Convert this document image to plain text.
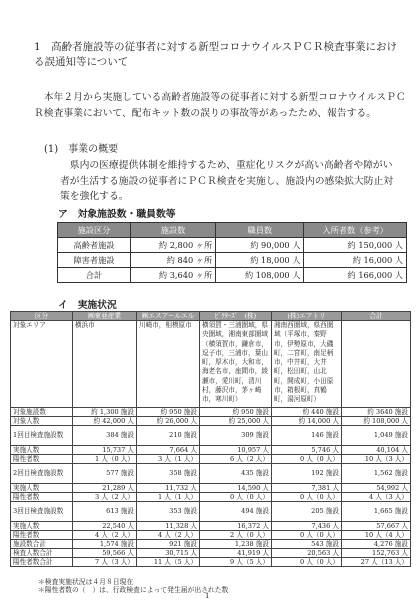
1　高齢者施設等の従事者に対する新型コロナウイルスＰＣＲ検査事業における誤通知等について
本年２月から実施している高齢者施設等の従事者に対する新型コロナウイルスＰＣＲ検査事業において、配布キット数の誤りの事故等があったため、報告する。
(1)　事業の概要
県内の医療提供体制を維持するため、重症化リスクが高い高齢者や障がい者が生活する施設の従事者にＰＣＲ検査を実施し、施設内の感染拡大防止対策を強化する。
ア　対象施設数・職員数等
施設区分	施設数	職員数	入所者数（参考）
高齢者施設	約 2,800 ヶ所	約 90,000 人	約 150,000 人
障害者施設	約 840 ヶ所	約 18,000 人	約 16,000 人
合計	約 3,640 ヶ所	約 108,000 人	約 166,000 人
イ　実施状況
区分	㈱東亜産業	㈱エスアールエル	ﾋﾞｸﾀｰｽﾞ　(株)	(株)エアトリ	合計
対象エリア	横浜市	川崎市，相模原市	横須賀・三浦圏域，県央圏域，湘南東部圏域（横須賀市，鎌倉市，逗子市，三浦市，葉山町，厚木市，大和市，海老名市，座間市，綾瀬市，愛川町，清川村，藤沢市，茅ヶ崎市，寒川町）	湘南西圏域，県西圏域（平塚市，秦野市，伊勢原市，大磯町，二宮町，南足柄市，中井町，大井町，松田町，山北町，開成町，小田原市，箱根町，真鶴町，湯河原町）	
対象施設数	約 1,300 施設	約 950 施設	約 950 施設	約 440 施設	約 3640 施設
対象人数	約 42,000 人	約 26,000 人	約 25,000 人	約 14,000 人	約 108,000 人
1回目検査施設数	384 施設	210 施設	309 施設	146 施設	1,049 施設
実施人数	15,737 人	7,664 人	10,957 人	5,746 人	40,104 人
陽性者数	1 人（0 人）	3 人（1 人）	6 人（2 人）	0 人（0 人）	10 人（3 人）
2回目検査施設数	577 施設	358 施設	435 施設	192 施設	1,562 施設
実施人数	21,289 人	11,732 人	14,590 人	7,381 人	54,992 人
陽性者数	3 人（2 人）	1 人（1 人）	0 人（0 人）	0 人（0 人）	4 人（3 人）
3回目検査施設数	613 施設	353 施設	494 施設	205 施設	1,665 施設
実施人数	22,540 人	11,328 人	16,372 人	7,436 人	57,667 人
陽性者数	4 人（2 人）	4 人（2 人）	2 人（0 人）	0 人（0 人）	10 人（4 人）
施設数合計	1,574 施設	921 施設	1,238 施設	543 施設	4,276 施設
検査人数合計	59,566 人	30,715 人	41,919 人	20,563 人	152,763 人
陽性者数合計	7 人（3 人）	11 人（5 人）	9 人（5 人）	0 人（0 人）	27 人（13 人）
＊検査実施状況は４月８日現在
＊陽性者数の（　）は、行政検査によって発生届が出された数
1
